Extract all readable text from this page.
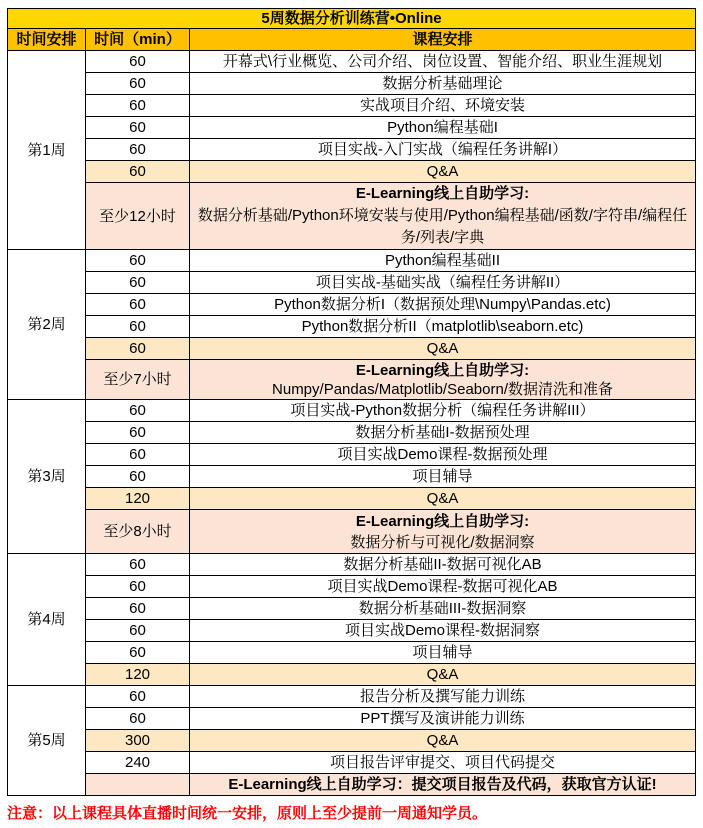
5周数据分析训练营•Online		
时间安排	时间（min）	课程安排
第1周	60	开幕式\行业概览、公司介绍、岗位设置、智能介绍、职业生涯规划
	60	数据分析基础理论
	60	实战项目介绍、环境安装
	60	Python编程基础I
	60	项目实战-入门实战（编程任务讲解I）
	60	Q&A
	至少12小时	E-Learning线上自助学习:
数据分析基础/Python环境安装与使用/Python编程基础/函数/字符串/编程任务/列表/字典

第2周	60	Python编程基础II
	60	项目实战-基础实战（编程任务讲解II）
	60	Python数据分析I（数据预处理\Numpy\Pandas.etc)
	60	Python数据分析II（matplotlib\seaborn.etc)
	60	Q&A
	至少7小时	E-Learning线上自助学习:
Numpy/Pandas/Matplotlib/Seaborn/数据清洗和准备

第3周	60	项目实战-Python数据分析（编程任务讲解III）
	60	数据分析基础I-数据预处理
	60	项目实战Demo课程-数据预处理
	60	项目辅导
	120	Q&A
	至少8小时	E-Learning线上自助学习:
数据分析与可视化/数据洞察

第4周	60	数据分析基础II-数据可视化AB
	60	项目实战Demo课程-数据可视化AB
	60	数据分析基础III-数据洞察
	60	项目实战Demo课程-数据洞察
	60	项目辅导
	120	Q&A
第5周	60	报告分析及撰写能力训练
	60	PPT撰写及演讲能力训练
	300	Q&A
	240	项目报告评审提交、项目代码提交
		E-Learning线上自助学习：提交项目报告及代码，获取官方认证!
注意：以上课程具体直播时间统一安排，原则上至少提前一周通知学员。
